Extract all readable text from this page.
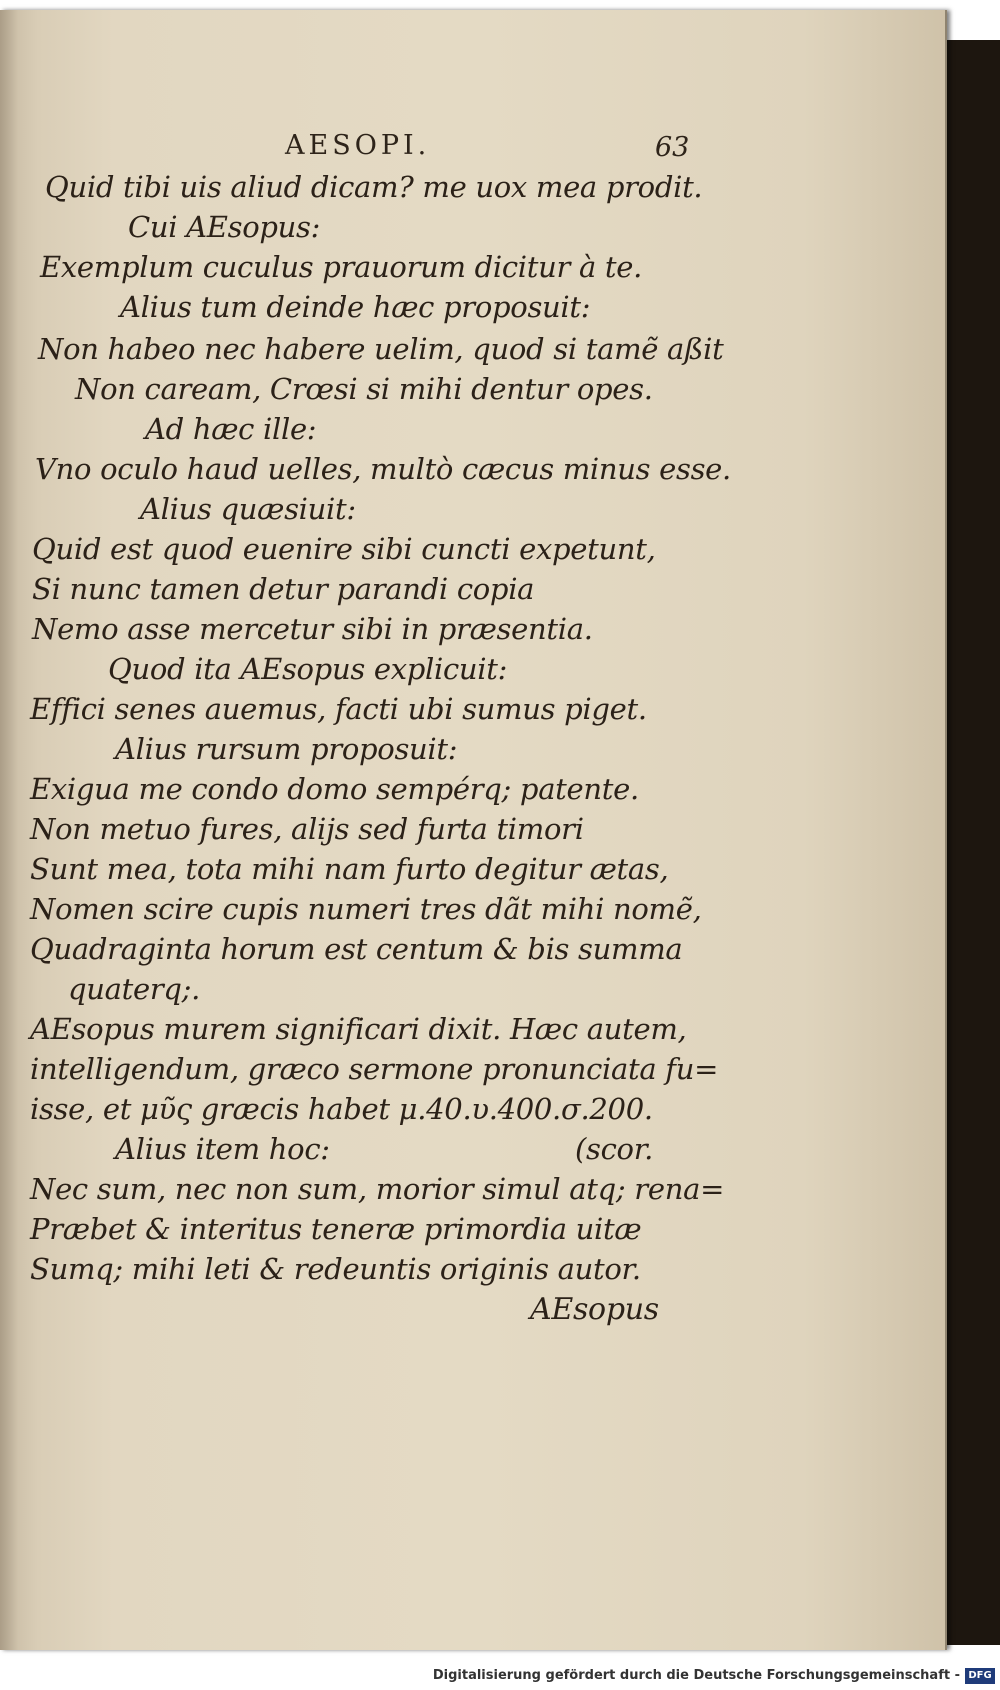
AESOPI.	63
Quid tibi uis aliud dicam? me uox mea prodit.
Cui AEsopus:
Exemplum cuculus prauorum dicitur à te.
Alius tum deinde hæc proposuit:
Non habeo nec habere uelim, quod si tamẽ aßit
Non caream, Crœsi si mihi dentur opes.
Ad hæc ille:
Vno oculo haud uelles, multò cæcus minus esse.
Alius quæsiuit:
Quid est quod euenire sibi cuncti expetunt,
Si nunc tamen detur parandi copia
Nemo asse mercetur sibi in præsentia.
Quod ita AEsopus explicuit:
Effici senes auemus, facti ubi sumus piget.
Alius rursum proposuit:
Exigua me condo domo sempérq; patente.
Non metuo fures, alijs sed furta timori
Sunt mea, tota mihi nam furto degitur ætas,
Nomen scire cupis numeri tres dãt mihi nomẽ,
Quadraginta horum est centum & bis summa
quaterq;.
AEsopus murem significari dixit. Hæc autem,
intelligendum, græco sermone pronunciata fu=
isse, et μῦς græcis habet μ.40.υ.400.σ.200.
Alius item hoc:	(scor.
Nec sum, nec non sum, morior simul atq; rena=
Præbet & interitus teneræ primordia uitæ
Sumq; mihi leti & redeuntis originis autor.
AEsopus
Digitalisierung gefördert durch die Deutsche Forschungsgemeinschaft - DFG
